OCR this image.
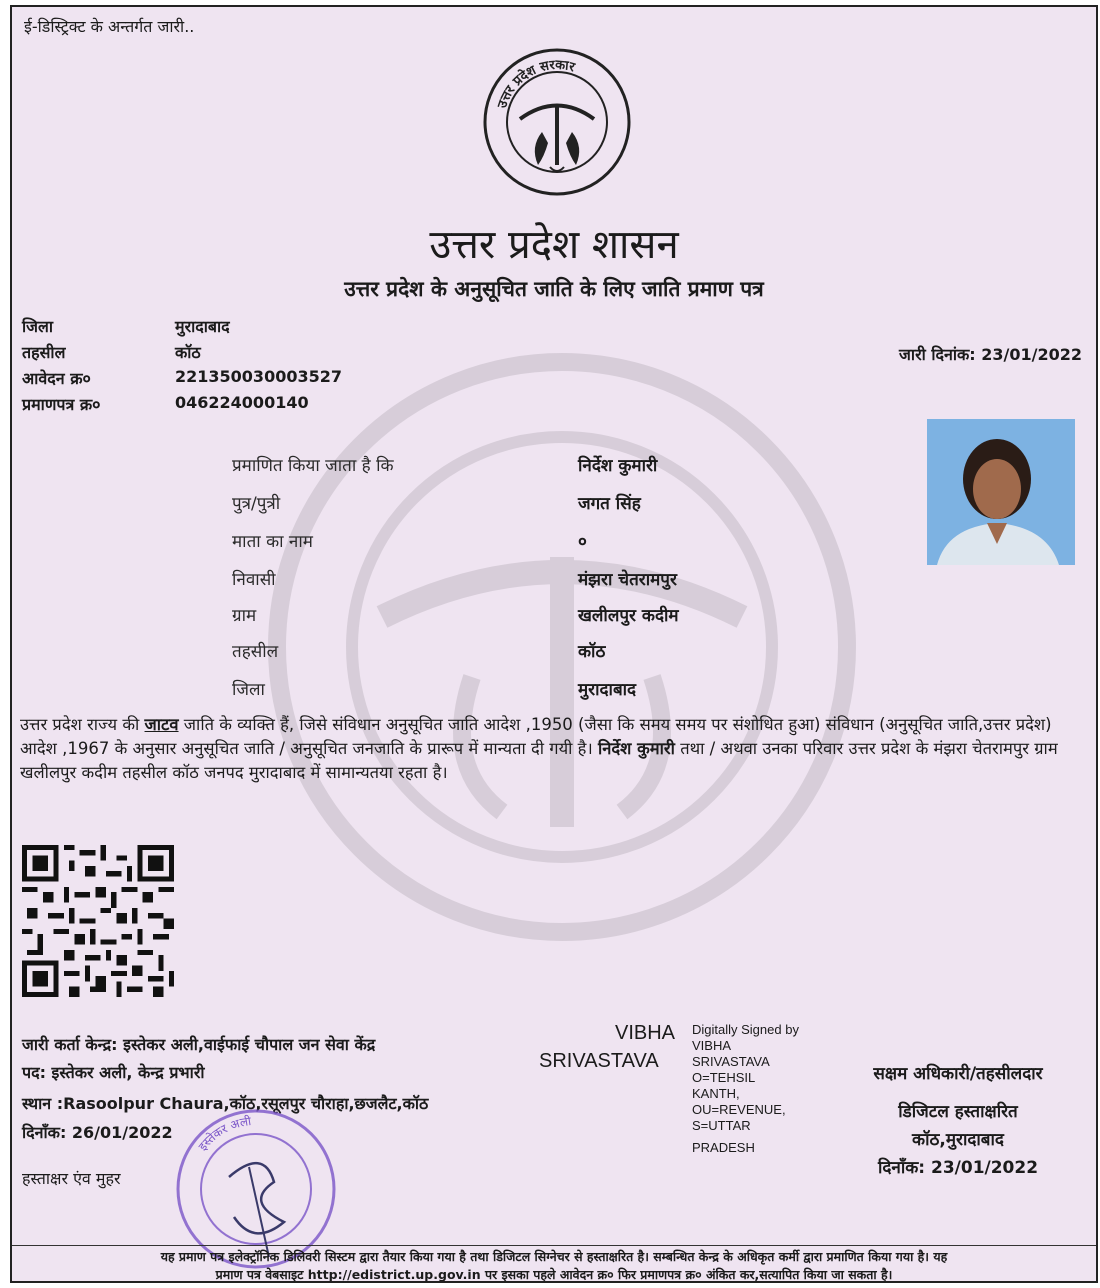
ई-डिस्ट्रिक्ट के अन्तर्गत जारी..
उत्तर प्रदेश सरकार
उत्तर प्रदेश शासन
उत्तर प्रदेश के अनुसूचित जाति के लिए जाति प्रमाण पत्र
जिला	मुरादाबाद
तहसील	कॉठ
आवेदन क्र०	221350030003527
प्रमाणपत्र क्र०	046224000140
जारी दिनांक: 23/01/2022
प्रमाणित किया जाता है कि	निर्देश कुमारी
पुत्र/पुत्री	जगत सिंह
माता का नाम	०
निवासी	मंझरा चेतरामपुर
ग्राम	खलीलपुर कदीम
तहसील	कॉठ
जिला	मुरादाबाद
उत्तर प्रदेश राज्य की जाटव जाति के व्यक्ति हैं, जिसे संविधान अनुसूचित जाति आदेश ,1950 (जैसा कि समय समय पर संशोधित हुआ) संविधान (अनुसूचित जाति,उत्तर प्रदेश) आदेश ,1967 के अनुसार अनुसूचित जाति / अनुसूचित जनजाति के प्रारूप में मान्यता दी गयी है। निर्देश कुमारी तथा / अथवा उनका परिवार उत्तर प्रदेश के मंझरा चेतरामपुर ग्राम खलीलपुर कदीम तहसील कॉठ जनपद मुरादाबाद में सामान्यतया रहता है।
जारी कर्ता केन्द्र: इस्तेकर अली,वाईफाई चौपाल जन सेवा केंद्र
पद: इस्तेकर अली, केन्द्र प्रभारी
स्थान :Rasoolpur Chaura,कॉठ,रसूलपुर चौराहा,छजलैट,कॉठ
दिनाँक: 26/01/2022
हस्ताक्षर एंव मुहर
इस्तेकर अली
VIBHA
SRIVASTAVA
Digitally Signed by
VIBHA
SRIVASTAVA
O=TEHSIL
KANTH,
OU=REVENUE,
S=UTTAR
PRADESH
सक्षम अधिकारी/तहसीलदार
डिजिटल हस्ताक्षरित
कॉठ,मुरादाबाद
दिनाँक: 23/01/2022
यह प्रमाण पत्र इलेक्ट्रॉनिक डिलिवरी सिस्टम द्वारा तैयार किया गया है तथा डिजिटल सिग्नेचर से हस्ताक्षरित है। सम्बन्धित केन्द्र के अधिकृत कर्मी द्वारा प्रमाणित किया गया है। यह
प्रमाण पत्र वेबसाइट http://edistrict.up.gov.in पर इसका पहले आवेदन क्र० फिर प्रमाणपत्र क्र० अंकित कर,सत्यापित किया जा सकता है।
